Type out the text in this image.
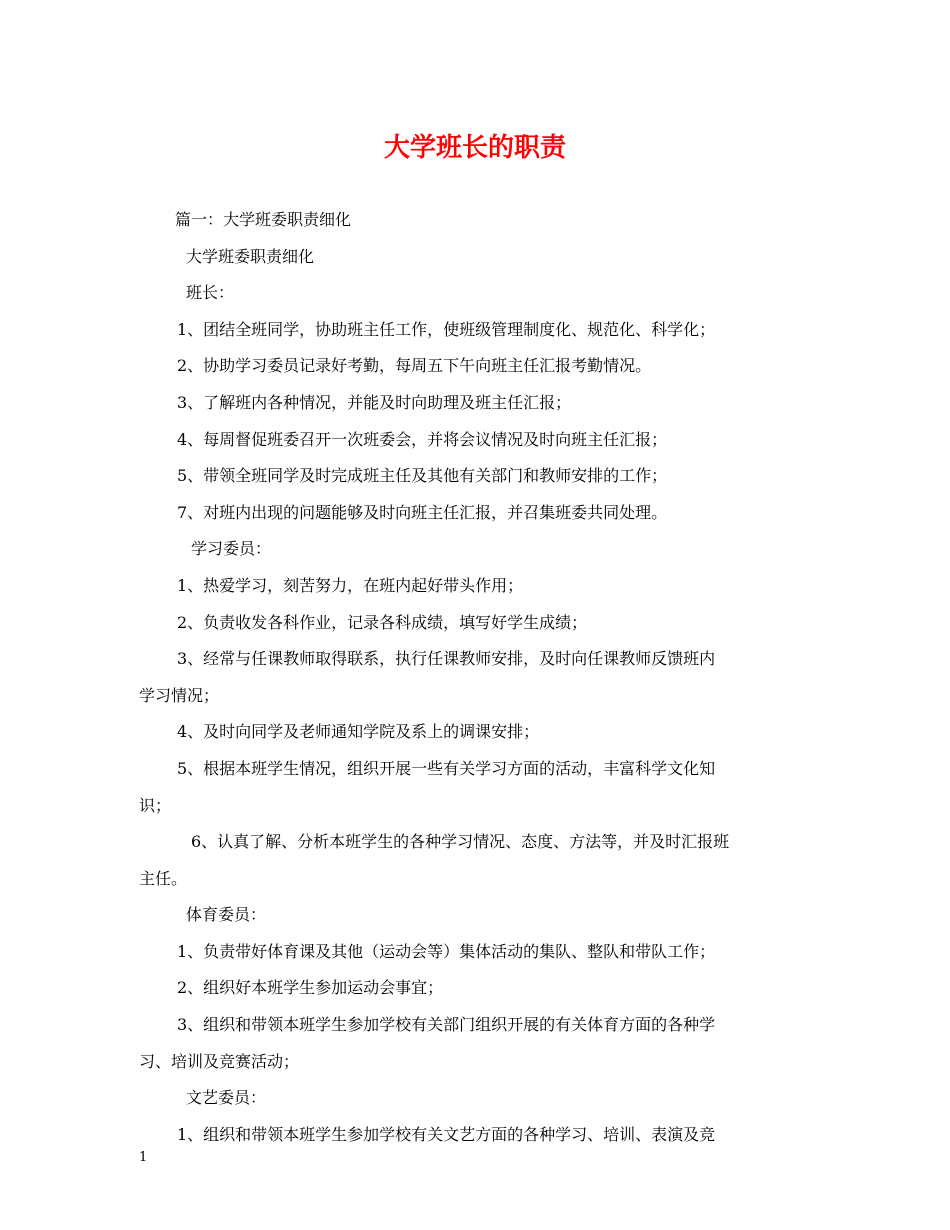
大学班长的职责
篇一：大学班委职责细化
大学班委职责细化
班长：
1、团结全班同学，协助班主任工作，使班级管理制度化、规范化、科学化；
2、协助学习委员记录好考勤，每周五下午向班主任汇报考勤情况。
3、了解班内各种情况，并能及时向助理及班主任汇报；
4、每周督促班委召开一次班委会，并将会议情况及时向班主任汇报；
5、带领全班同学及时完成班主任及其他有关部门和教师安排的工作；
7、对班内出现的问题能够及时向班主任汇报，并召集班委共同处理。
学习委员：
1、热爱学习，刻苦努力，在班内起好带头作用；
2、负责收发各科作业，记录各科成绩，填写好学生成绩；
3、经常与任课教师取得联系，执行任课教师安排，及时向任课教师反馈班内
学习情况；
4、及时向同学及老师通知学院及系上的调课安排；
5、根据本班学生情况，组织开展一些有关学习方面的活动，丰富科学文化知
识；
6、认真了解、分析本班学生的各种学习情况、态度、方法等，并及时汇报班
主任。
体育委员：
1、负责带好体育课及其他（运动会等）集体活动的集队、整队和带队工作；
2、组织好本班学生参加运动会事宜；
3、组织和带领本班学生参加学校有关部门组织开展的有关体育方面的各种学
习、培训及竞赛活动；
文艺委员：
1、组织和带领本班学生参加学校有关文艺方面的各种学习、培训、表演及竞
1
